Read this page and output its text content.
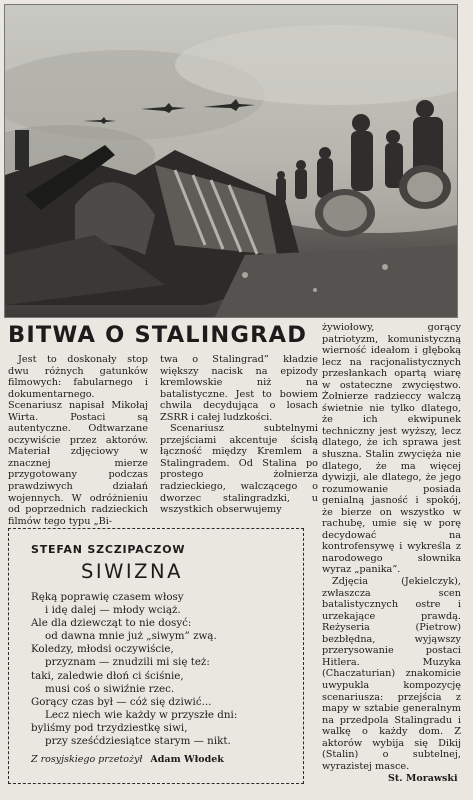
BITWA O STALINGRAD

Jest to doskonały stop dwu różnych gatunków filmowych: fabularnego i dokumentarnego. Scenariusz napisał Mikołaj Wirta. Postaci są autentyczne. Odtwarzane oczywiście przez aktorów. Materiał zdjęciowy w znacznej mierze przygotowany podczas prawdziwych działań wojennych. W odróżnieniu od poprzednich radzieckich filmów tego typu „Bi-

twa o Stalingrad” kładzie większy nacisk na epizody kremlowskie niż na batalistyczne. Jest to bowiem chwila decydująca o losach ZSRR i całej ludzkości.

Scenariusz subtelnymi przejściami akcentuje ścisłą łączność między Kremlem a Stalingradem. Od Stalina po prostego żołnierza radzieckiego, walczącego o dworzec stalingradzki, u wszystkich obserwujemy

żywiołowy, gorący patriotyzm, komunistyczną wierność ideałom i głęboką lecz na racjonalistycznych przesłankach opartą wiarę w ostateczne zwycięstwo. Żołnierze radzieccy walczą świetnie nie tylko dlatego, że ich ekwipunek techniczny jest wyższy, lecz dlatego, że ich sprawa jest słuszna. Stalin zwycięża nie dlatego, że ma więcej dywizji, ale dlatego, że jego rozumowanie posiada genialną jasność i spokój, że bierze on wszystko w rachubę, umie się w porę decydować na kontrofensywę i wykreśla z narodowego słownika wyraz „panika”.

Zdjęcia (Jekielczyk), zwłaszcza scen batalistycznych ostre i urzekające prawdą. Reżyseria (Pietrow) bezbłędna, wyjąwszy przerysowanie postaci Hitlera. Muzyka (Chaczaturian) znakomicie uwypukla kompozycję scenariusza: przejścia z mapy w sztabie generalnym na przedpola Stalingradu i walkę o każdy dom. Z aktorów wybija się Dikij (Stalin) o subtelnej, wyrazistej masce.

St. Morawski
STEFAN SZCZIPACZOW
SIWIZNA
Ręką poprawię czasem włosy
i idę dalej — młody wciąż.
Ale dla dziewcząt to nie dosyć:
od dawna mnie już „siwym” zwą.
Koledzy, młodsi oczywiście,
przyznam — znudzili mi się też:
taki, zaledwie dłoń ci ściśnie,
musi coś o siwiźnie rzec.
Gorący czas był — cóż się dziwić...
Lecz niech wie każdy w przyszłe dni:
byliśmy pod trzydziestkę siwi,
przy sześćdziesiątce starym — nikt.
Z rosyjskiego przetożył Adam Włodek
